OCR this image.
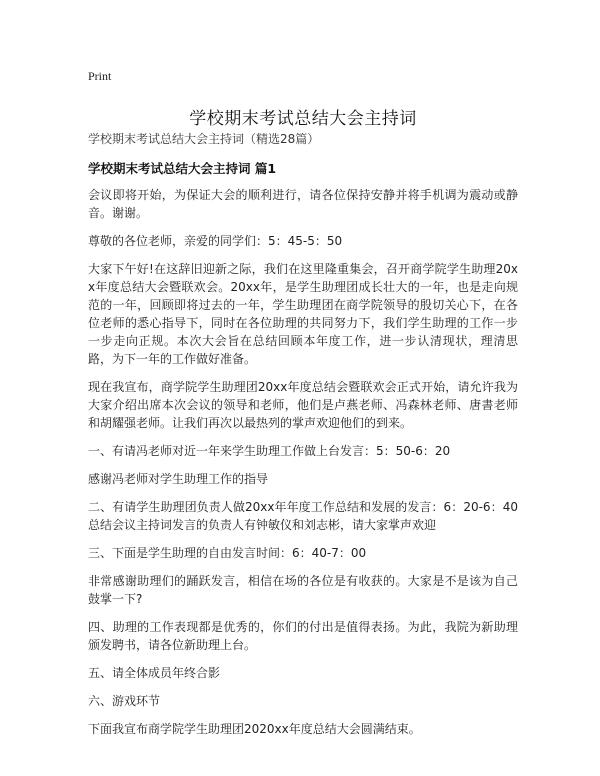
Print
学校期末考试总结大会主持词
学校期末考试总结大会主持词（精选28篇）
学校期末考试总结大会主持词 篇1

会议即将开始，为保证大会的顺利进行，请各位保持安静并将手机调为震动或静音。谢谢。

尊敬的各位老师，亲爱的同学们：5：45-5：50

大家下午好!在这辞旧迎新之际，我们在这里隆重集会，召开商学院学生助理20xx年度总结大会暨联欢会。20xx年，是学生助理团成长壮大的一年，也是走向规范的一年，回顾即将过去的一年，学生助理团在商学院领导的殷切关心下，在各位老师的悉心指导下，同时在各位助理的共同努力下，我们学生助理的工作一步一步走向正规。本次大会旨在总结回顾本年度工作，进一步认清现状，理清思路，为下一年的工作做好准备。

现在我宣布，商学院学生助理团20xx年度总结会暨联欢会正式开始，请允许我为大家介绍出席本次会议的领导和老师，他们是卢燕老师、冯森林老师、唐書老师和胡耀强老师。让我们再次以最热列的掌声欢迎他们的到来。

一、有请冯老师对近一年来学生助理工作做上台发言：5：50-6：20

感谢冯老师对学生助理工作的指导

二、有请学生助理团负责人做20xx年年度工作总结和发展的发言：6：20-6：40总结会议主持词发言的负责人有钟敏仪和刘志彬，请大家掌声欢迎

三、下面是学生助理的自由发言时间：6：40-7：00

非常感谢助理们的踊跃发言，相信在场的各位是有收获的。大家是不是该为自己鼓掌一下?

四、助理的工作表现都是优秀的，你们的付出是值得表扬。为此，我院为新助理颁发聘书，请各位新助理上台。

五、请全体成员年终合影

六、游戏环节

下面我宣布商学院学生助理团2020xx年度总结大会圆满结束。
